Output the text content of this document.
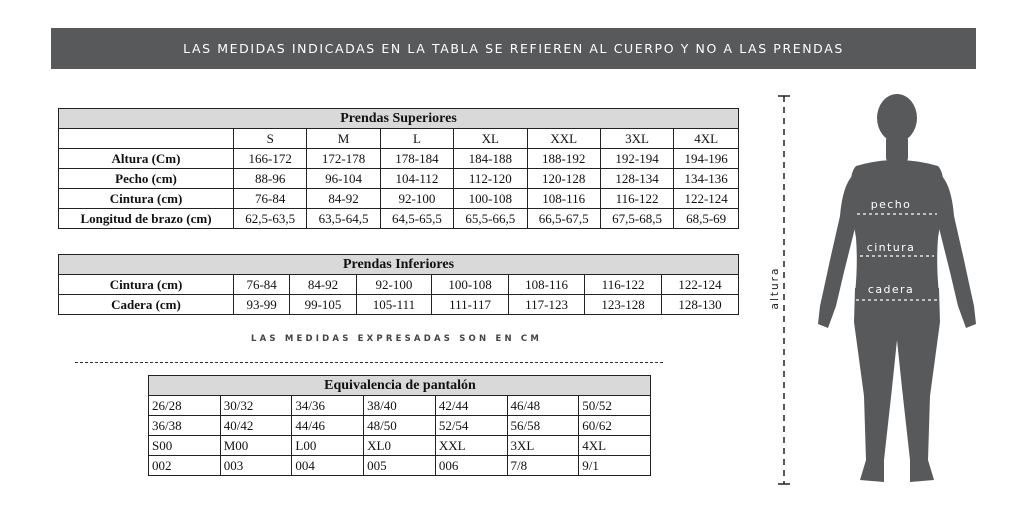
LAS MEDIDAS INDICADAS EN LA TABLA SE REFIEREN AL CUERPO Y NO A LAS PRENDAS
Prendas Superiores							
	S	M	L	XL	XXL	3XL	4XL
Altura (Cm)	166-172	172-178	178-184	184-188	188-192	192-194	194-196
Pecho (cm)	88-96	96-104	104-112	112-120	120-128	128-134	134-136
Cintura (cm)	76-84	84-92	92-100	100-108	108-116	116-122	122-124
Longitud de brazo (cm)	62,5-63,5	63,5-64,5	64,5-65,5	65,5-66,5	66,5-67,5	67,5-68,5	68,5-69
Prendas Inferiores							
Cintura (cm)	76-84	84-92	92-100	100-108	108-116	116-122	122-124
Cadera (cm)	93-99	99-105	105-111	111-117	117-123	123-128	128-130
LAS MEDIDAS EXPRESADAS SON EN CM
Equivalencia de pantalón						
26/28	30/32	34/36	38/40	42/44	46/48	50/52
36/38	40/42	44/46	48/50	52/54	56/58	60/62
S00	M00	L00	XL0	XXL	3XL	4XL
002	003	004	005	006	7/8	9/1
pecho
cintura
cadera
altura
